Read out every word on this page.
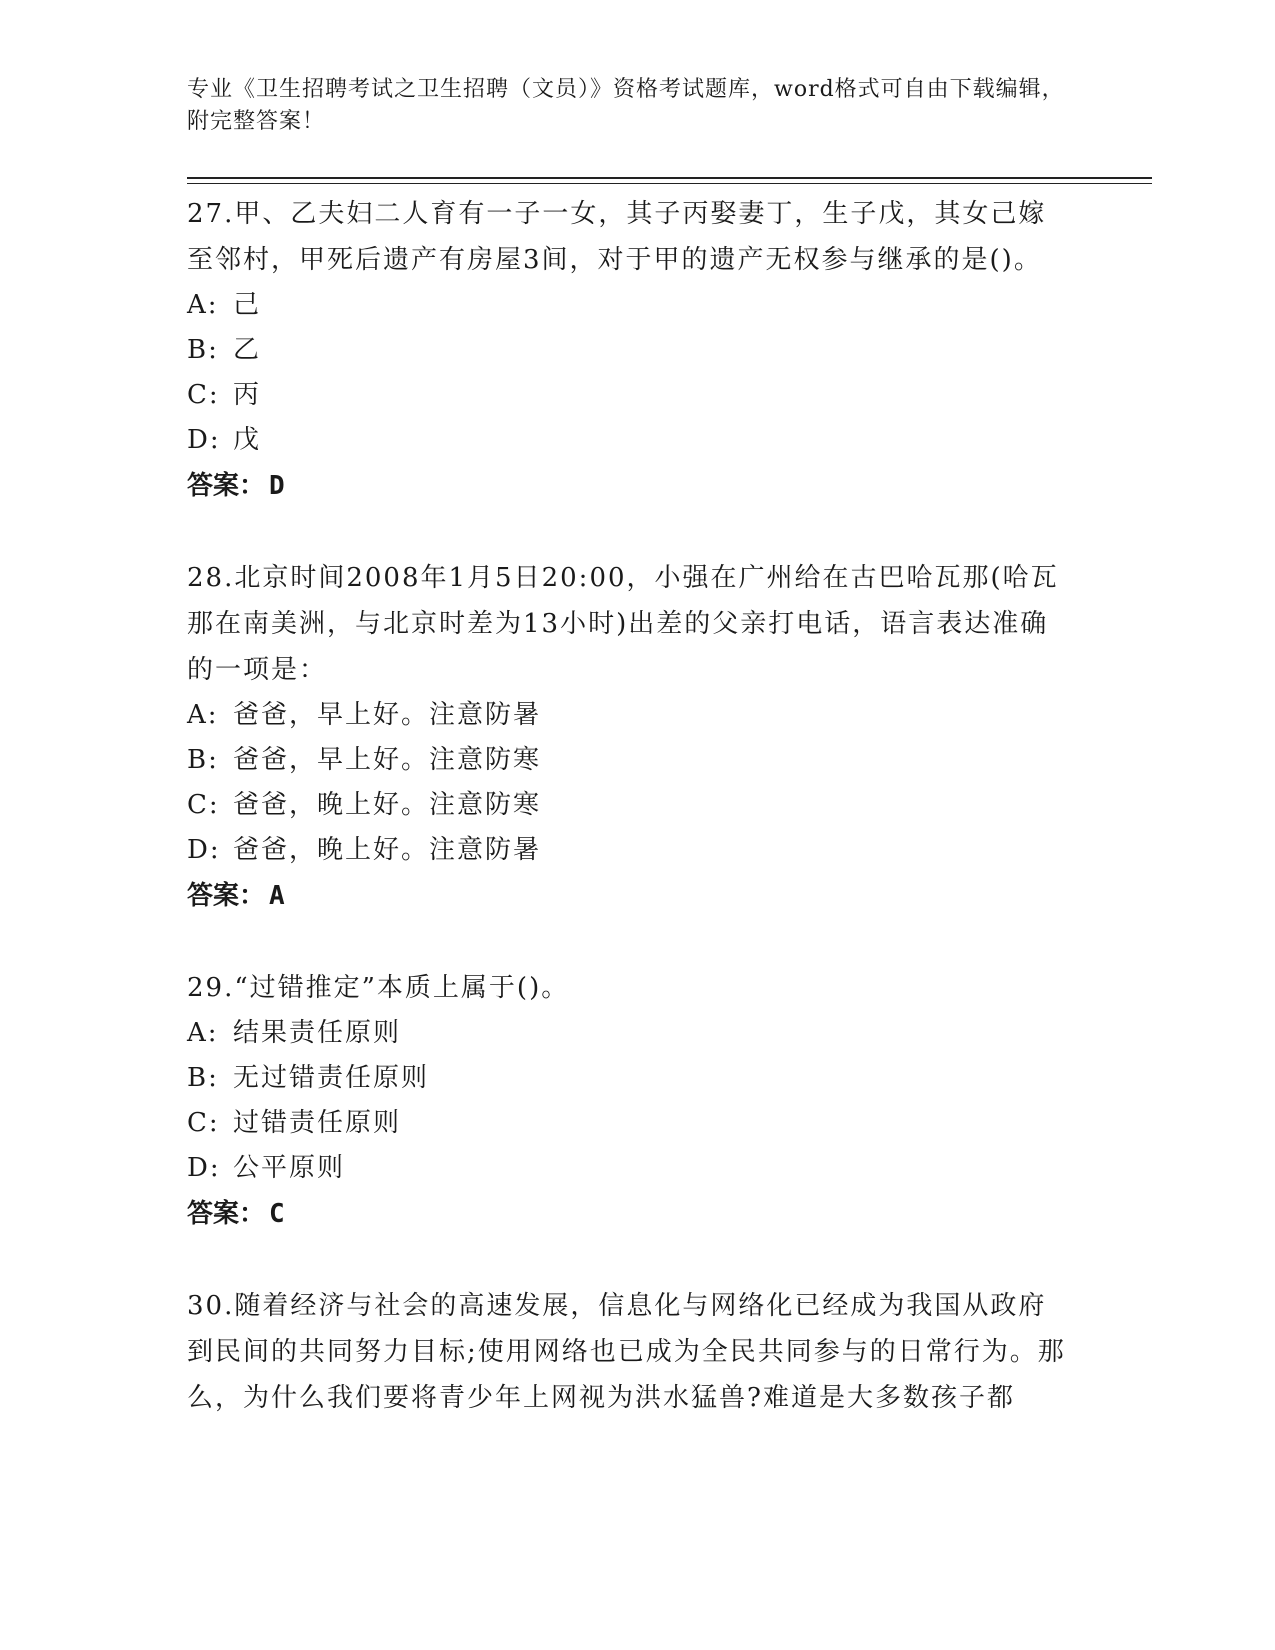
专业《卫生招聘考试之卫生招聘（文员）》资格考试题库，word格式可自由下载编辑，附完整答案！

27.甲、乙夫妇二人育有一子一女，其子丙娶妻丁，生子戊，其女己嫁至邻村，甲死后遗产有房屋3间，对于甲的遗产无权参与继承的是()。

A: 己
B: 乙
C: 丙
D: 戊

答案： D

28.北京时间2008年1月5日20:00，小强在广州给在古巴哈瓦那(哈瓦那在南美洲，与北京时差为13小时)出差的父亲打电话，语言表达准确的一项是：

A: 爸爸，早上好。注意防暑
B: 爸爸，早上好。注意防寒
C: 爸爸，晚上好。注意防寒
D: 爸爸，晚上好。注意防暑

答案： A

29.“过错推定”本质上属于()。

A: 结果责任原则
B: 无过错责任原则
C: 过错责任原则
D: 公平原则

答案： C

30.随着经济与社会的高速发展，信息化与网络化已经成为我国从政府到民间的共同努力目标;使用网络也已成为全民共同参与的日常行为。那么，为什么我们要将青少年上网视为洪水猛兽?难道是大多数孩子都
